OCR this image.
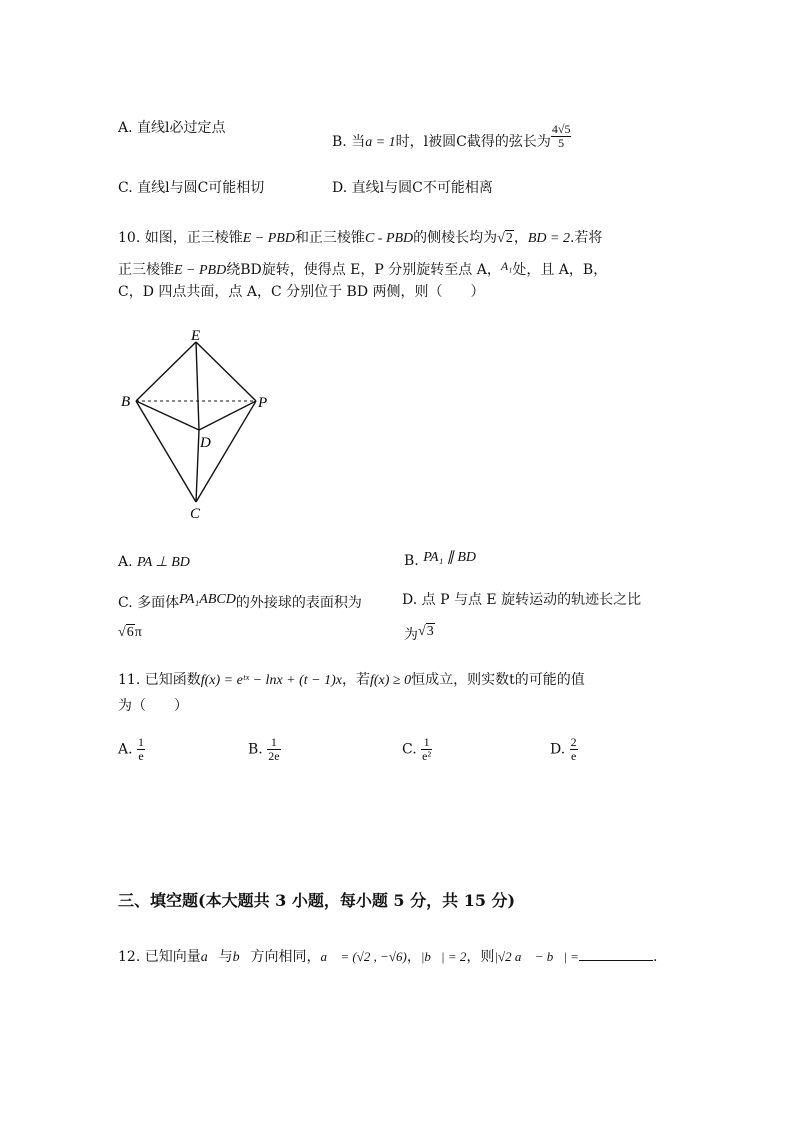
A. 直线l必过定点
B. 当a = 1时，l被圆C截得的弦长为 $\frac{4√5}{5}$
C. 直线l与圆C可能相切	D. 直线l与圆C不可能相离
10. 如图，正三棱锥E − PBD和正三棱锥C - PBD的侧棱长均为√2，BD = 2.若将
正三棱锥E − PBD绕BD旋转，使得点 E，P 分别旋转至点 A，A₁处，且 A，B，
C，D 四点共面，点 A，C 分别位于 BD 两侧，则（　　）
E
B	P
D
C
A. PA ⊥ BD	B. PA₁ ∥ BD
C. 多面体PA₁ABCD的外接球的表面积为
√6π
D. 点 P 与点 E 旋转运动的轨迹长之比
为√3
11. 已知函数f(x) = eᵗˣ − lnx + (t − 1)x，若f(x) ≥ 0恒成立，则实数t的可能的值
为（　　）
A. $\frac{1}{e}$	B. $\frac{1}{2e}$	C. $\frac{1}{\text{e²}}$	D. $\frac{2}{e}$
三、填空题(本大题共 3 小题，每小题 5 分，共 15 分)
12. 已知向量a⃗与b⃗方向相同，a⃗ = (√2 , −√6)，|b⃗| = 2，则|√2 a⃗ − b⃗| =	.
